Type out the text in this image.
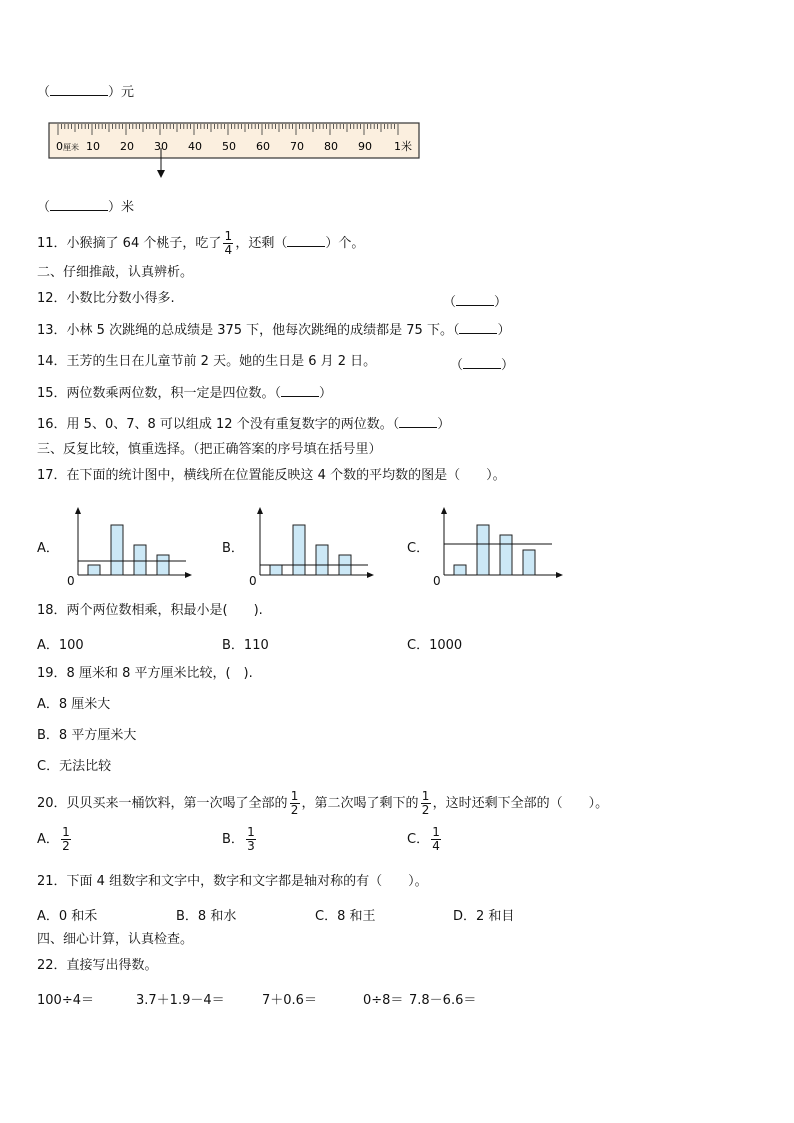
（	）元
0 厘米 10 20 30 40 50 60 70 80 90 1米
（	）米
11．小猴摘了 64 个桃子，吃了 $\frac{1}{4}$ ，还剩（	）个。
二、仔细推敲，认真辨析。
12．小数比分数小得多.	（	）
13．小林 5 次跳绳的总成绩是 375 下，他每次跳绳的成绩都是 75 下。（	）
14．王芳的生日在儿童节前 2 天。她的生日是 6 月 2 日。	（	）
15．两位数乘两位数，积一定是四位数。（	）
16．用 5、0、7、8 可以组成 12 个没有重复数字的两位数。（	）
三、反复比较，慎重选择。（把正确答案的序号填在括号里）
17．在下面的统计图中，横线所在位置能反映这 4 个数的平均数的图是（　　）。
A．
0
B．
0
C．
0
18．两个两位数相乘，积最小是(　　).
A．100	B．110	C．1000
19．8 厘米和 8 平方厘米比较，(　).
A．8 厘米大
B．8 平方厘米大
C．无法比较
20．贝贝买来一桶饮料，第一次喝了全部的 $\frac{1}{2}$ ，第二次喝了剩下的 $\frac{1}{2}$ ，这时还剩下全部的（　　）。
A． $\frac{1}{2}$	B． $\frac{1}{3}$	C． $\frac{1}{4}$
21．下面 4 组数字和文字中，数字和文字都是轴对称的有（　　）。
A．0 和禾	B．8 和水	C．8 和王	D．2 和目
四、细心计算，认真检查。
22．直接写出得数。
100÷4＝	3.7＋1.9－4＝	7＋0.6＝	0÷8＝ 7.8－6.6＝
